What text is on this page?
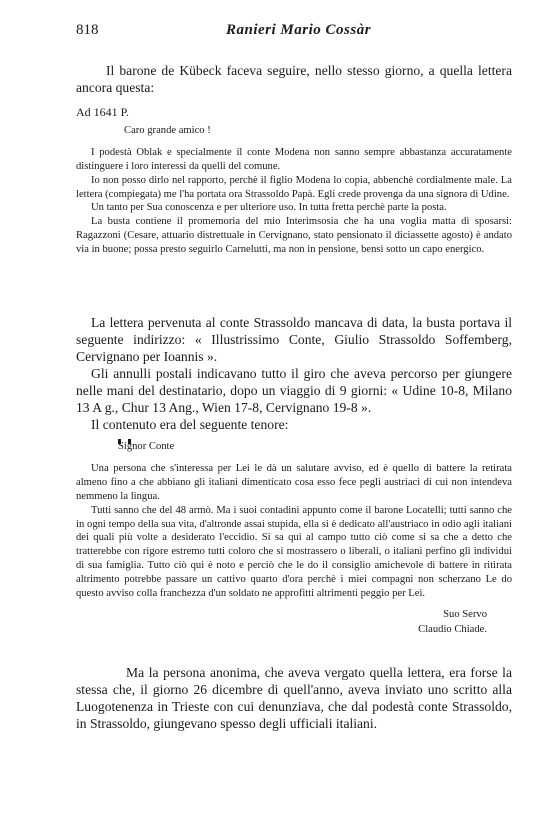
818	Ranieri Mario Cossàr

Il barone de Kübeck faceva seguire, nello stesso giorno, a quella lettera ancora questa:

Ad 1641 P.
Caro grande amico !

I podestà Oblak e specialmente il conte Modena non sanno sempre abbastanza accuratamente distinguere i loro interessi da quelli del comune.

Io non posso dirlo nel rapporto, perchè il figlio Modena lo copia, abbenchè cordialmente male. La lettera (compiegata) me l'ha portata ora Strassoldo Papà. Egli crede provenga da una signora di Udine.

Un tanto per Sua conoscenza e per ulteriore uso. In tutta fretta perchè parte la posta.

La busta contiene il promemoria del mio Interimsosia che ha una voglia matta di sposarsi: Ragazzoni (Cesare, attuario distrettuale in Cervignano, stato pensionato il diciassette agosto) è andato via in buone; possa presto seguirlo Carnelutti, ma non in pensione, bensì sotto un capo energico.

La lettera pervenuta al conte Strassoldo mancava di data, la busta portava il seguente indirizzo: « Illustrissimo Conte, Giulio Strassoldo Soffemberg, Cervignano per Ioannis ».

Gli annulli postali indicavano tutto il giro che aveva percorso per giungere nelle mani del destinatario, dopo un viaggio di 9 giorni: « Udine 10-8, Milano 13 A g., Chur 13 Ang., Wien 17-8, Cervignano 19-8 ».

Il contenuto era del seguente tenore:

Signor Conte

Una persona che s'interessa per Lei le dà un salutare avviso, ed è quello di battere la retirata almeno fino a che abbiano gli italiani dimenticato cosa esso fece pegli austriaci di cui non intendeva nemmeno la lingua.

Tutti sanno che del 48 armò. Ma i suoi contadini appunto come il barone Locatelli; tutti sanno che in ogni tempo della sua vita, d'altronde assai stupida, ella si è dedicato all'austriaco in odio agli italiani dei quali più volte a desiderato l'eccidio. Si sa qui al campo tutto ciò come si sa che a detto che tratterebbe con rigore estremo tutti coloro che si mostrassero o liberali, o italiani perfino gli individui di sua famiglia. Tutto ciò qui è noto e perciò che le do il consiglio amichevole di battere in ritirata altrimento potrebbe passare un cattivo quarto d'ora perchè i miei compagni non scherzano Le do questo avviso colla franchezza d'un soldato ne approfitti altrimenti peggio per Lei.

Suo Servo
Claudio Chiade.

Ma la persona anonima, che aveva vergato quella lettera, era forse la stessa che, il giorno 26 dicembre di quell'anno, aveva inviato uno scritto alla Luogotenenza in Trieste con cui denunziava, che dal podestà conte Strassoldo, in Strassoldo, giungevano spesso degli ufficiali italiani.
